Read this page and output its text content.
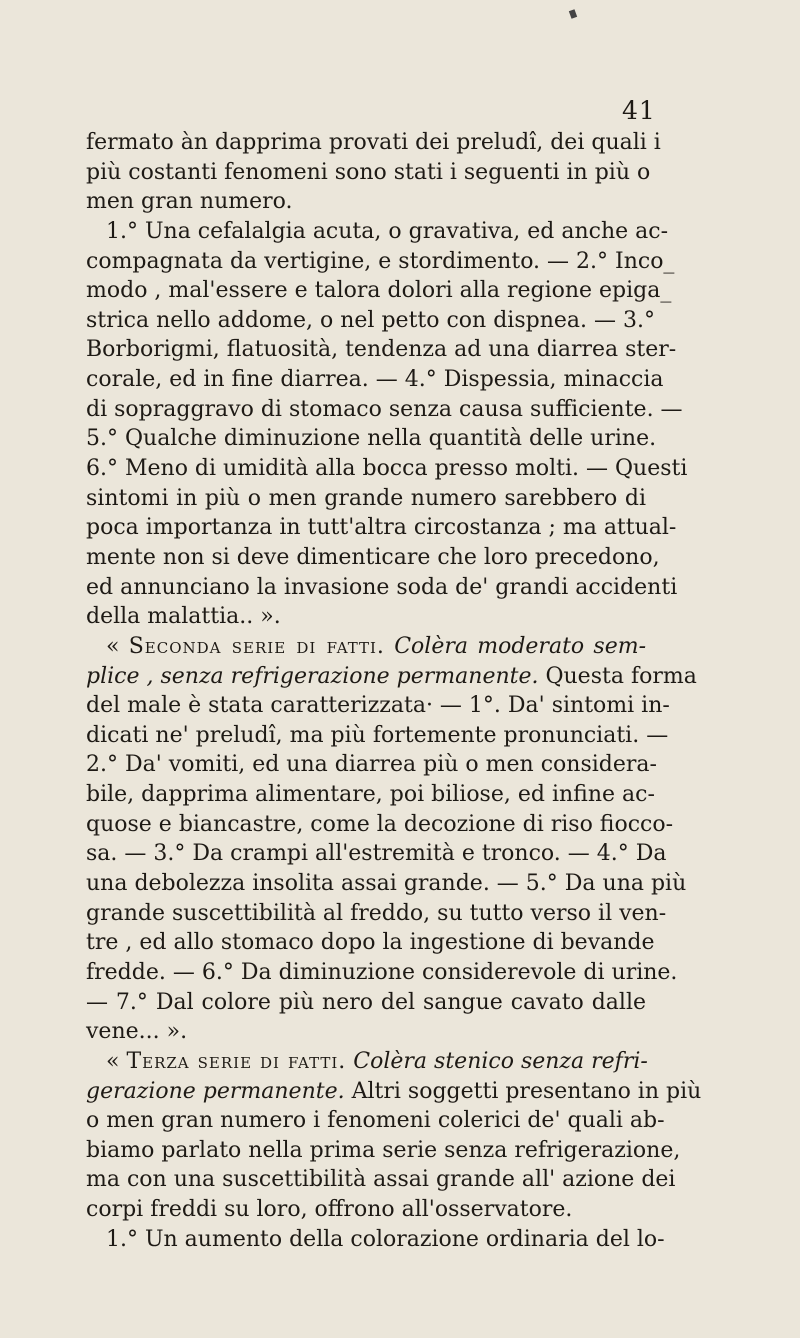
41
fermato àn dapprima provati dei preludî, dei quali i
più costanti fenomeni sono stati i seguenti in più o
men gran numero.
1.° Una cefalalgia acuta, o gravativa, ed anche ac-
compagnata da vertigine, e stordimento. — 2.° Inco_
modo , mal'essere e talora dolori alla regione epiga_
strica nello addome, o nel petto con dispnea. — 3.°
Borborigmi, flatuosità, tendenza ad una diarrea ster-
corale, ed in fine diarrea. — 4.° Dispessia, minaccia
di sopraggravo di stomaco senza causa sufficiente. —
5.° Qualche diminuzione nella quantità delle urine.
6.° Meno di umidità alla bocca presso molti. — Questi
sintomi in più o men grande numero sarebbero di
poca importanza in tutt'altra circostanza ; ma attual-
mente non si deve dimenticare che loro precedono,
ed annunciano la invasione soda de' grandi accidenti
della malattia.. ».
« Seconda serie di fatti. Colèra moderato sem-
plice , senza refrigerazione permanente. Questa forma
del male è stata caratterizzata· — 1°. Da' sintomi in-
dicati ne' preludî, ma più fortemente pronunciati. —
2.° Da' vomiti, ed una diarrea più o men considera-
bile, dapprima alimentare, poi biliose, ed infine ac-
quose e biancastre, come la decozione di riso fiocco-
sa. — 3.° Da crampi all'estremità e tronco. — 4.° Da
una debolezza insolita assai grande. — 5.° Da una più
grande suscettibilità al freddo, su tutto verso il ven-
tre , ed allo stomaco dopo la ingestione di bevande
fredde. — 6.° Da diminuzione considerevole di urine.
— 7.° Dal colore più nero del sangue cavato dalle
vene... ».
« Terza serie di fatti. Colèra stenico senza refri-
gerazione permanente. Altri soggetti presentano in più
o men gran numero i fenomeni colerici de' quali ab-
biamo parlato nella prima serie senza refrigerazione,
ma con una suscettibilità assai grande all' azione dei
corpi freddi su loro, offrono all'osservatore.
1.° Un aumento della colorazione ordinaria del lo-
